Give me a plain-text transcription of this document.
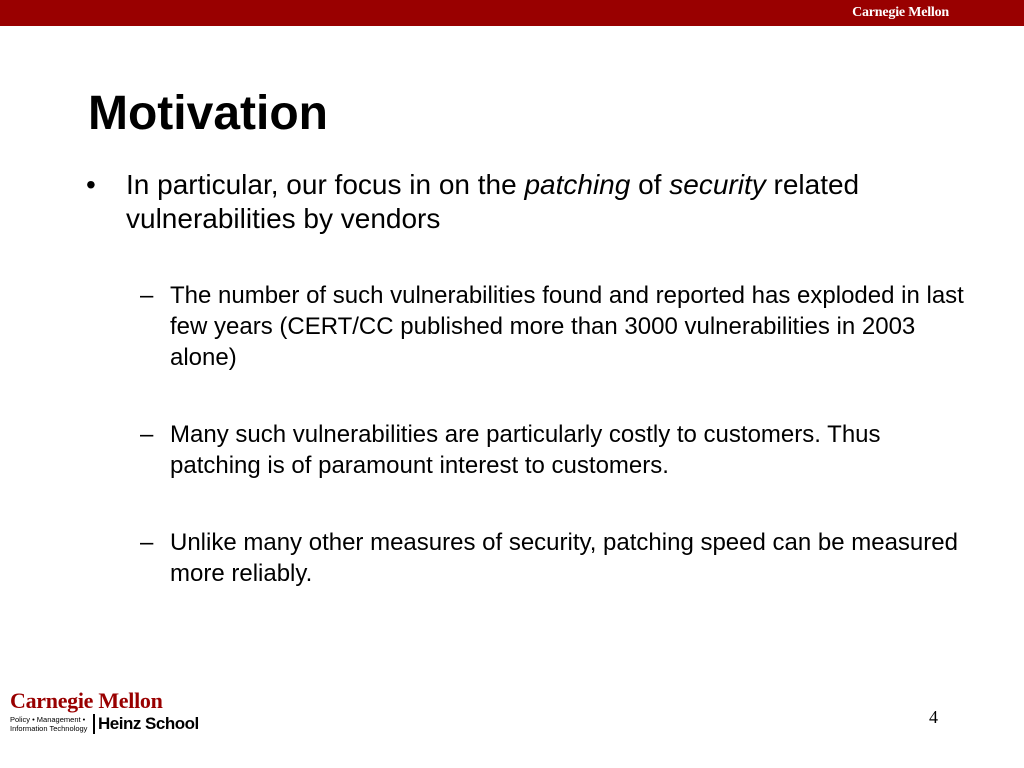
Carnegie Mellon
Motivation
• In particular, our focus in on the patching of security related vulnerabilities by vendors
– The number of such vulnerabilities found and reported has exploded in last few years (CERT/CC published more than 3000 vulnerabilities in 2003 alone)
– Many such vulnerabilities are particularly costly to customers. Thus patching is of paramount interest to customers.
– Unlike many other measures of security, patching speed can be measured more reliably.
Carnegie Mellon
Policy • Management •
Information Technology Heinz School	4
